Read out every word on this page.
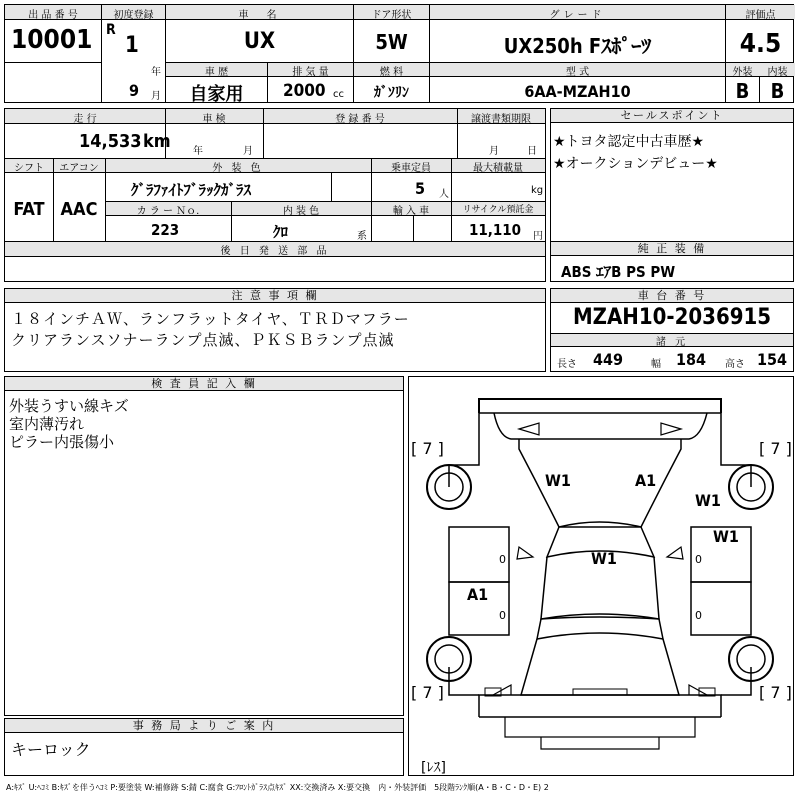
出 品 番 号
10001
初度登録
R
1
年
9 月
車　名
UX
ドア形状
5W
グレード
UX250h Fｽﾎﾟｰﾂ
評価点
4.5
車 歴
自家用
排 気 量
2000 cc
燃 料
ｶﾞｿﾘﾝ
型 式
6AA-MZAH10
外装	内装
B	B
走 行
14,533 km
車 検
年	月
登 録 番 号	譲渡書類期限
月	日
シフト
FAT
エアコン
AAC
外 装 色
ｸﾞﾗﾌｧｲﾄﾌﾞﾗｯｸｶﾞﾗｽ
乗車定員
5 人
最大積載量
kg
カ ラ ー Ｎｏ.
223
内 装 色
ｸﾛ	系
輸 入 車	リサイクル預託金
11,110 円
後 日 発 送 部 品
セールスポイント
★トヨタ認定中古車歴★
★オークションデビュー★
純 正 装 備
ABS ｴｱB PS PW
注 意 事 項 欄
１８インチＡＷ、ランフラットタイヤ、ＴＲＤマフラー
クリアランスソナーランプ点滅、ＰＫＳＢランプ点滅
車 台 番 号
MZAH10-2036915
諸 元
長さ 449	幅 184 高さ 154
検 査 員 記 入 欄
外装うすい線キズ
室内薄汚れ
ピラー内張傷小
事 務 局 よ り ご 案 内
キーロック
[ 7 ]	[ 7 ]
[ 7 ]	[ 7 ]
[ﾚｽ]
W1	A1
W1
W1
W1
A1
0	0
0	0
A:ｷｽﾞ U:ﾍｺﾐ B:ｷｽﾞを伴うﾍｺﾐ P:要塗装 W:補修跡 S:錆 C:腐食 G:ﾌﾛﾝﾄｶﾞﾗｽ点ｷｽﾞ XX:交換済み X:要交換　内・外装評価　5段階ﾗﾝｸ順(A・B・C・D・E) 2
